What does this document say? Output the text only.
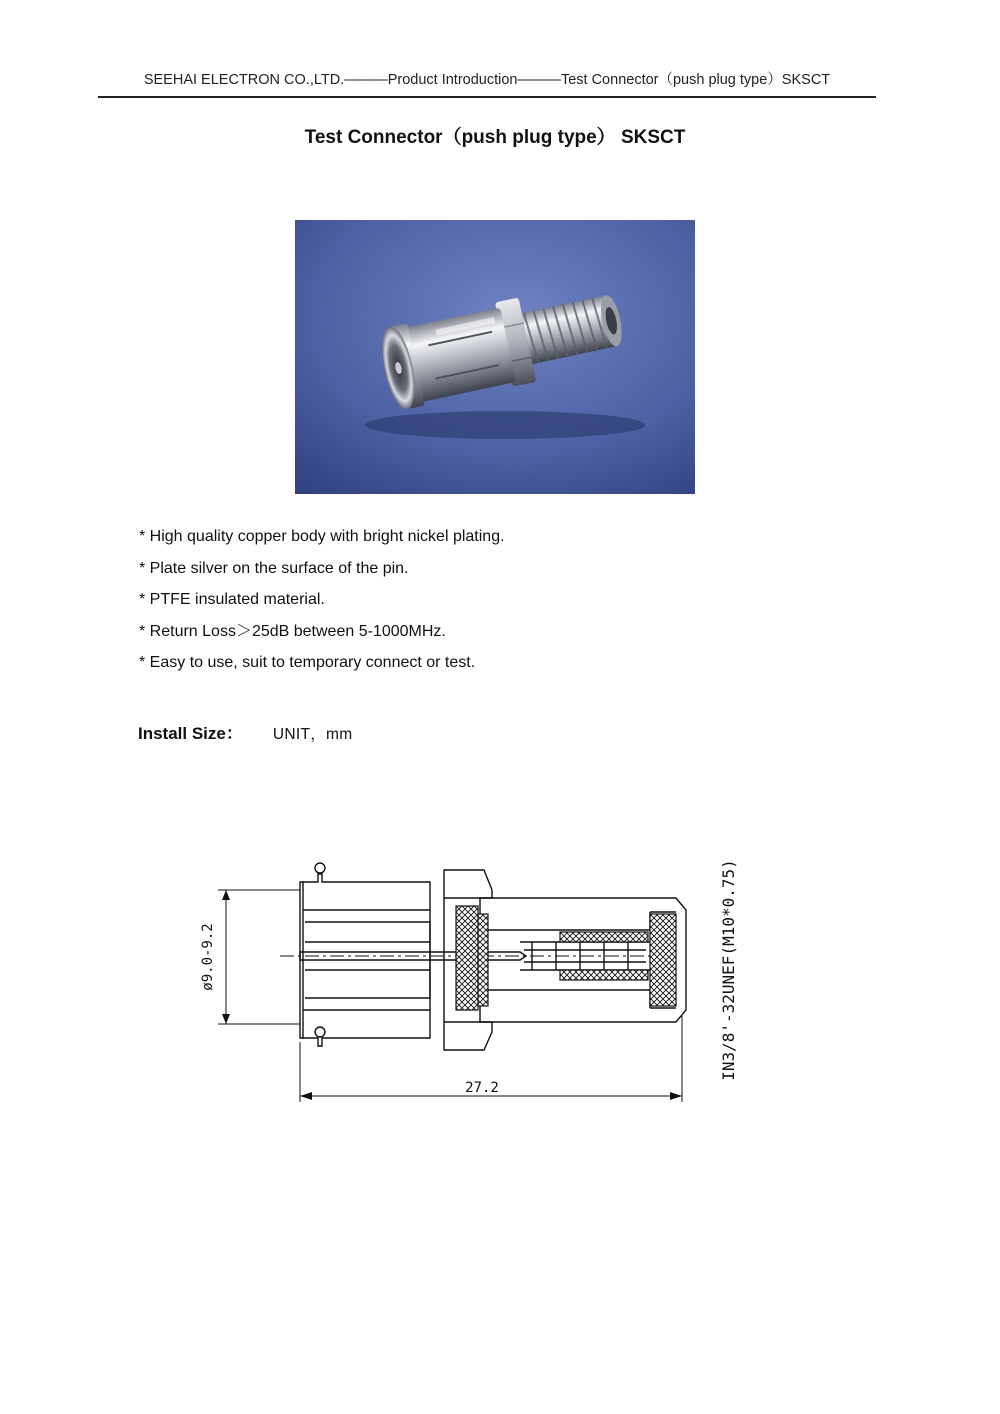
SEEHAI ELECTRON CO.,LTD.———Product Introduction———Test Connector（push plug type）SKSCT
Test Connector（push plug type） SKSCT
* High quality copper body with bright nickel plating.
* Plate silver on the surface of the pin.
* PTFE insulated material.
* Return Loss＞25dB between 5-1000MHz.
* Easy to use, suit to temporary connect or test.
Install Size： UNIT，mm
ø9.0-9.2
27.2
IN3/8'-32UNEF(M10*0.75)
